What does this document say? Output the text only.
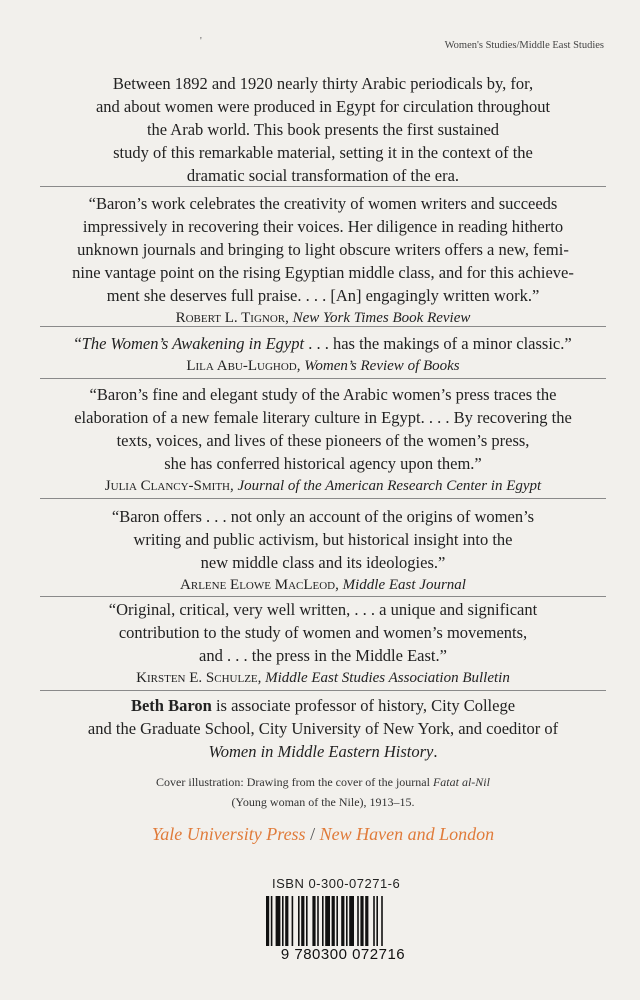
'	Women's Studies/Middle East Studies
Between 1892 and 1920 nearly thirty Arabic periodicals by, for,
and about women were produced in Egypt for circulation throughout
the Arab world. This book presents the first sustained
study of this remarkable material, setting it in the context of the
dramatic social transformation of the era.
“Baron’s work celebrates the creativity of women writers and succeeds
impressively in recovering their voices. Her diligence in reading hitherto
unknown journals and bringing to light obscure writers offers a new, femi-
nine vantage point on the rising Egyptian middle class, and for this achieve-
ment she deserves full praise. . . . [An] engagingly written work.”
Robert L. Tignor, New York Times Book Review
“The Women’s Awakening in Egypt . . . has the makings of a minor classic.”
Lila Abu-Lughod, Women’s Review of Books
“Baron’s fine and elegant study of the Arabic women’s press traces the
elaboration of a new female literary culture in Egypt. . . . By recovering the
texts, voices, and lives of these pioneers of the women’s press,
she has conferred historical agency upon them.”
Julia Clancy-Smith, Journal of the American Research Center in Egypt
“Baron offers . . . not only an account of the origins of women’s
writing and public activism, but historical insight into the
new middle class and its ideologies.”
Arlene Elowe MacLeod, Middle East Journal
“Original, critical, very well written, . . . a unique and significant
contribution to the study of women and women’s movements,
and . . . the press in the Middle East.”
Kirsten E. Schulze, Middle East Studies Association Bulletin
Beth Baron is associate professor of history, City College
and the Graduate School, City University of New York, and coeditor of
Women in Middle Eastern History.
Cover illustration: Drawing from the cover of the journal Fatat al-Nil
(Young woman of the Nile), 1913–15.
Yale University Press / New Haven and London
ISBN 0-300-07271-6
9 780300 072716
